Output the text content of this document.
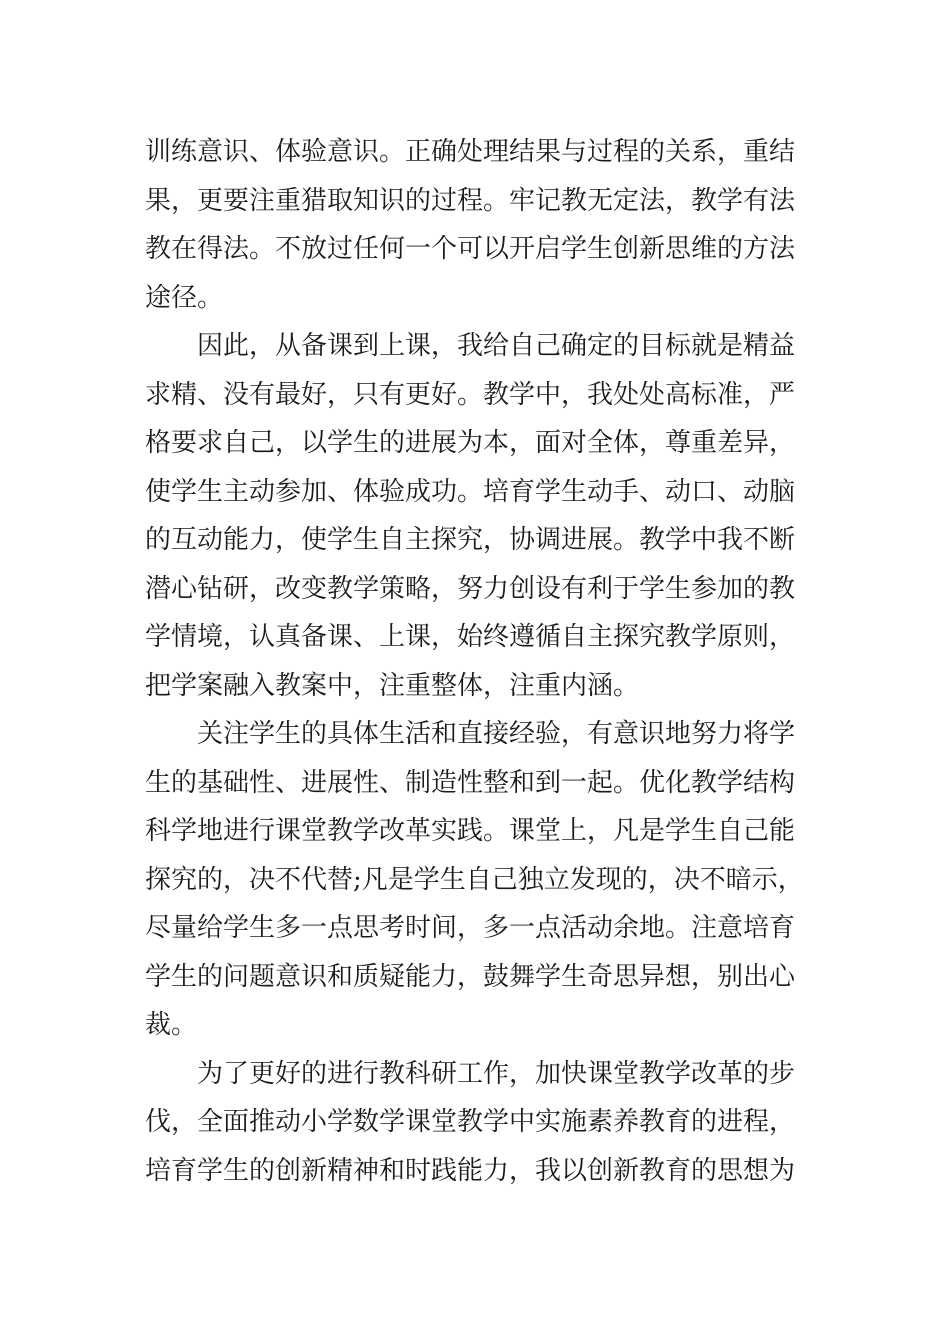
训练意识、体验意识。正确处理结果与过程的关系，重结
果，更要注重猎取知识的过程。牢记教无定法，教学有法
教在得法。不放过任何一个可以开启学生创新思维的方法
途径。
因此，从备课到上课，我给自己确定的目标就是精益
求精、没有最好，只有更好。教学中，我处处高标准，严
格要求自己，以学生的进展为本，面对全体，尊重差异，
使学生主动参加、体验成功。培育学生动手、动口、动脑
的互动能力，使学生自主探究，协调进展。教学中我不断
潜心钻研，改变教学策略，努力创设有利于学生参加的教
学情境，认真备课、上课，始终遵循自主探究教学原则，
把学案融入教案中，注重整体，注重内涵。
关注学生的具体生活和直接经验，有意识地努力将学
生的基础性、进展性、制造性整和到一起。优化教学结构
科学地进行课堂教学改革实践。课堂上，凡是学生自己能
探究的，决不代替;凡是学生自己独立发现的，决不暗示，
尽量给学生多一点思考时间，多一点活动余地。注意培育
学生的问题意识和质疑能力，鼓舞学生奇思异想，别出心
裁。
为了更好的进行教科研工作，加快课堂教学改革的步
伐，全面推动小学数学课堂教学中实施素养教育的进程，
培育学生的创新精神和时践能力，我以创新教育的思想为
